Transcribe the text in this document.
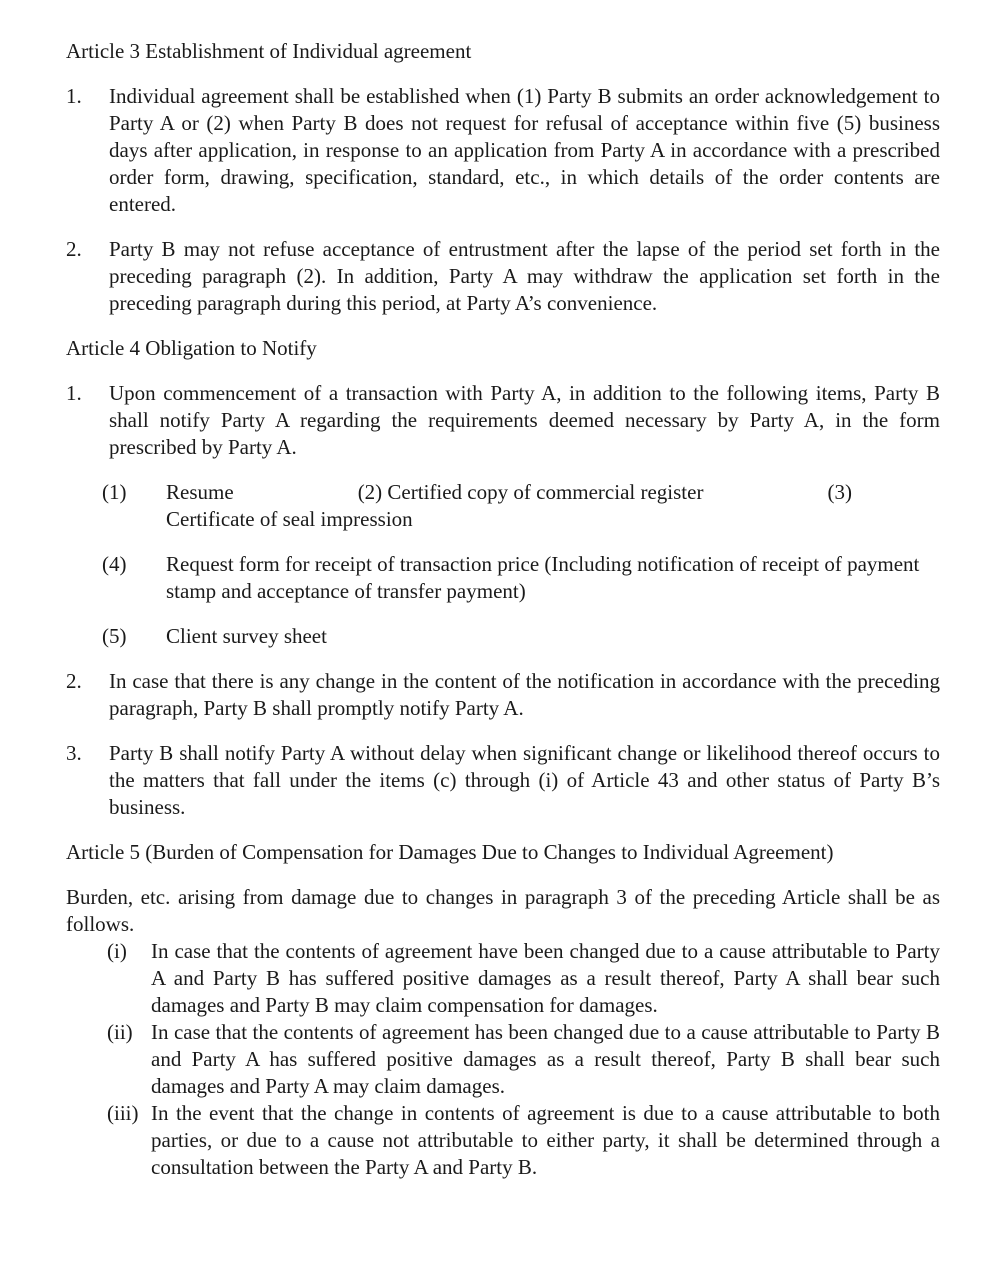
Article 3 Establishment of Individual agreement
1. Individual agreement shall be established when (1) Party B submits an order acknowledgement to Party A or (2) when Party B does not request for refusal of acceptance within five (5) business days after application, in response to an application from Party A in accordance with a prescribed order form, drawing, specification, standard, etc., in which details of the order contents are entered.
2. Party B may not refuse acceptance of entrustment after the lapse of the period set forth in the preceding paragraph (2). In addition, Party A may withdraw the application set forth in the preceding paragraph during this period, at Party A’s convenience.
Article 4 Obligation to Notify
1. Upon commencement of a transaction with Party A, in addition to the following items, Party B shall notify Party A regarding the requirements deemed necessary by Party A, in the form prescribed by Party A.
(1) Resume	(2) Certified copy of commercial register	(3)
Certificate of seal impression
(4) Request form for receipt of transaction price (Including notification of receipt of payment stamp and acceptance of transfer payment)
(5) Client survey sheet
2. In case that there is any change in the content of the notification in accordance with the preceding paragraph, Party B shall promptly notify Party A.
3. Party B shall notify Party A without delay when significant change or likelihood thereof occurs to the matters that fall under the items (c) through (i) of Article 43 and other status of Party B’s business.
Article 5 (Burden of Compensation for Damages Due to Changes to Individual Agreement)

Burden, etc. arising from damage due to changes in paragraph 3 of the preceding Article shall be as follows.

(i) In case that the contents of agreement have been changed due to a cause attributable to Party A and Party B has suffered positive damages as a result thereof, Party A shall bear such damages and Party B may claim compensation for damages.
(ii) In case that the contents of agreement has been changed due to a cause attributable to Party B and Party A has suffered positive damages as a result thereof, Party B shall bear such damages and Party A may claim damages.
(iii) In the event that the change in contents of agreement is due to a cause attributable to both parties, or due to a cause not attributable to either party, it shall be determined through a consultation between the Party A and Party B.
